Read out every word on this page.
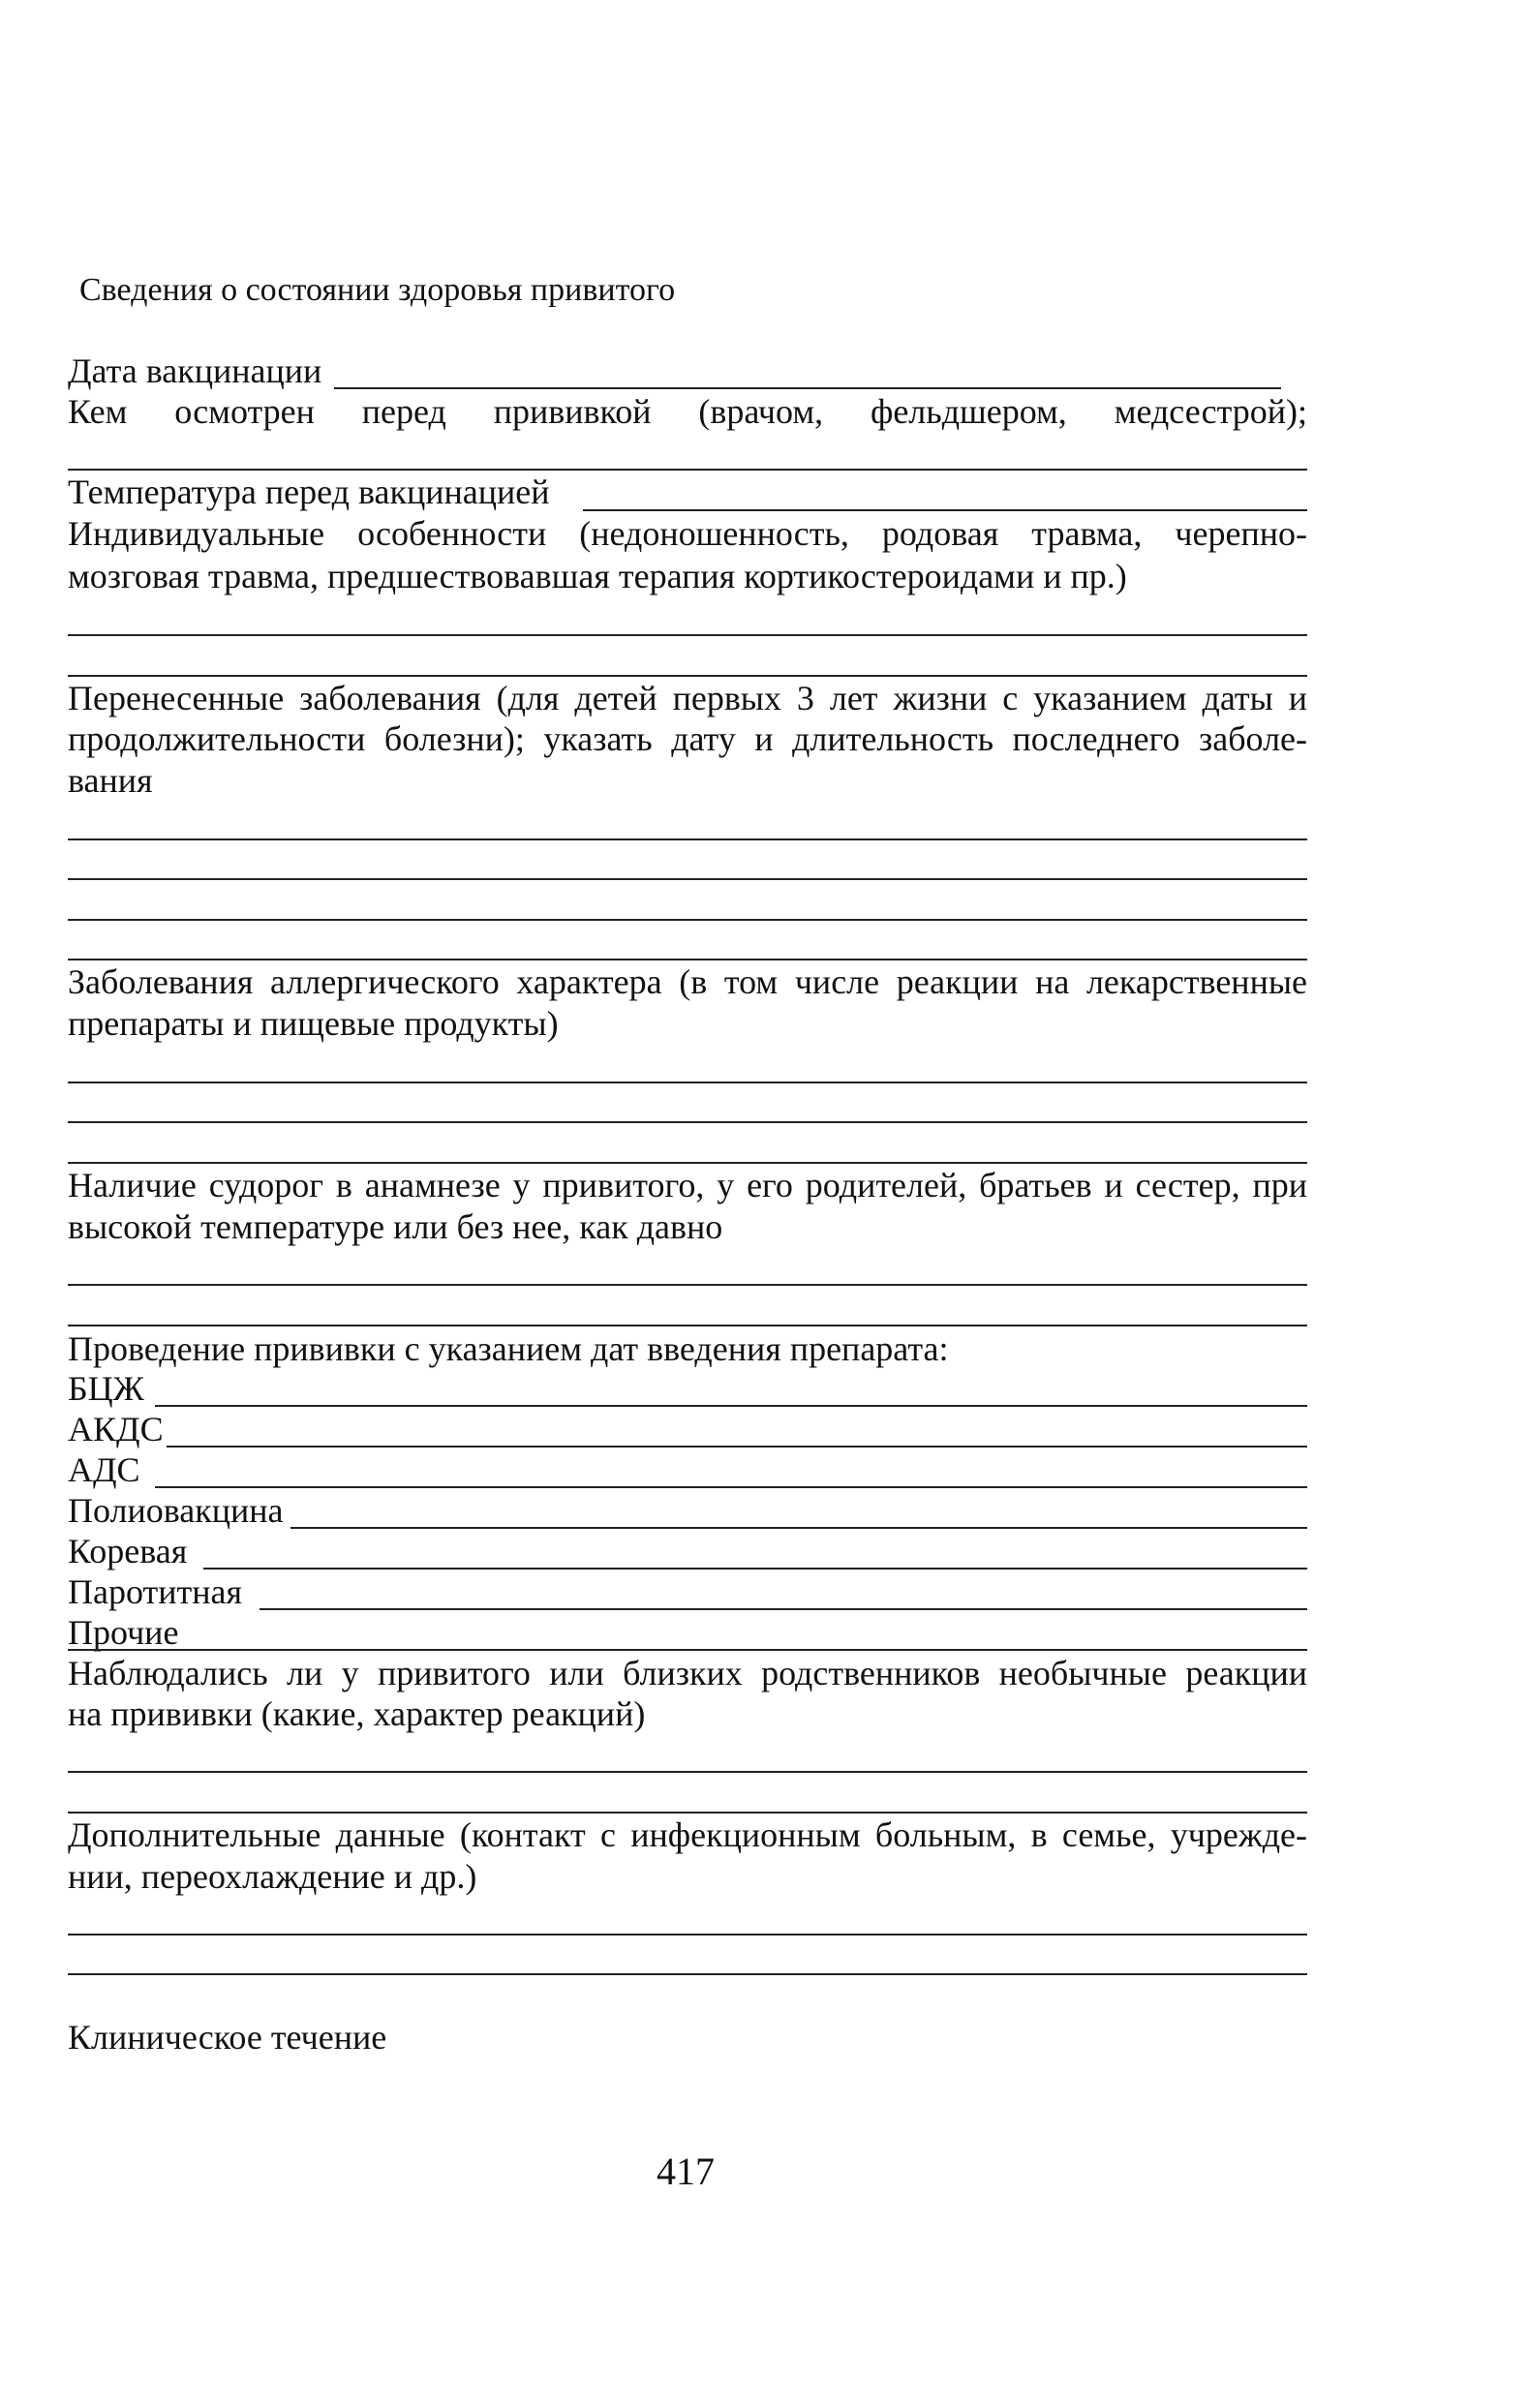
Сведения о состоянии здоровья привитого
Дата вакцинации
Кем осмотрен перед прививкой (врачом, фельдшером, медсестрой);
Температура перед вакцинацией
Индивидуальные особенности (недоношенность, родовая травма, черепно-
мозговая травма, предшествовавшая терапия кортикостероидами и пр.)
Перенесенные заболевания (для детей первых 3 лет жизни с указанием даты и
продолжительности болезни); указать дату и длительность последнего заболе-
вания
Заболевания аллергического характера (в том числе реакции на лекарственные
препараты и пищевые продукты)
Наличие судорог в анамнезе у привитого, у его родителей, братьев и сестер, при
высокой температуре или без нее, как давно
Проведение прививки с указанием дат введения препарата:
БЦЖ
АКДС
АДС
Полиовакцина
Коревая
Паротитная
Прочие
Наблюдались ли у привитого или близких родственников необычные реакции
на прививки (какие, характер реакций)
Дополнительные данные (контакт с инфекционным больным, в семье, учрежде-
нии, переохлаждение и др.)
Клиническое течение
417
